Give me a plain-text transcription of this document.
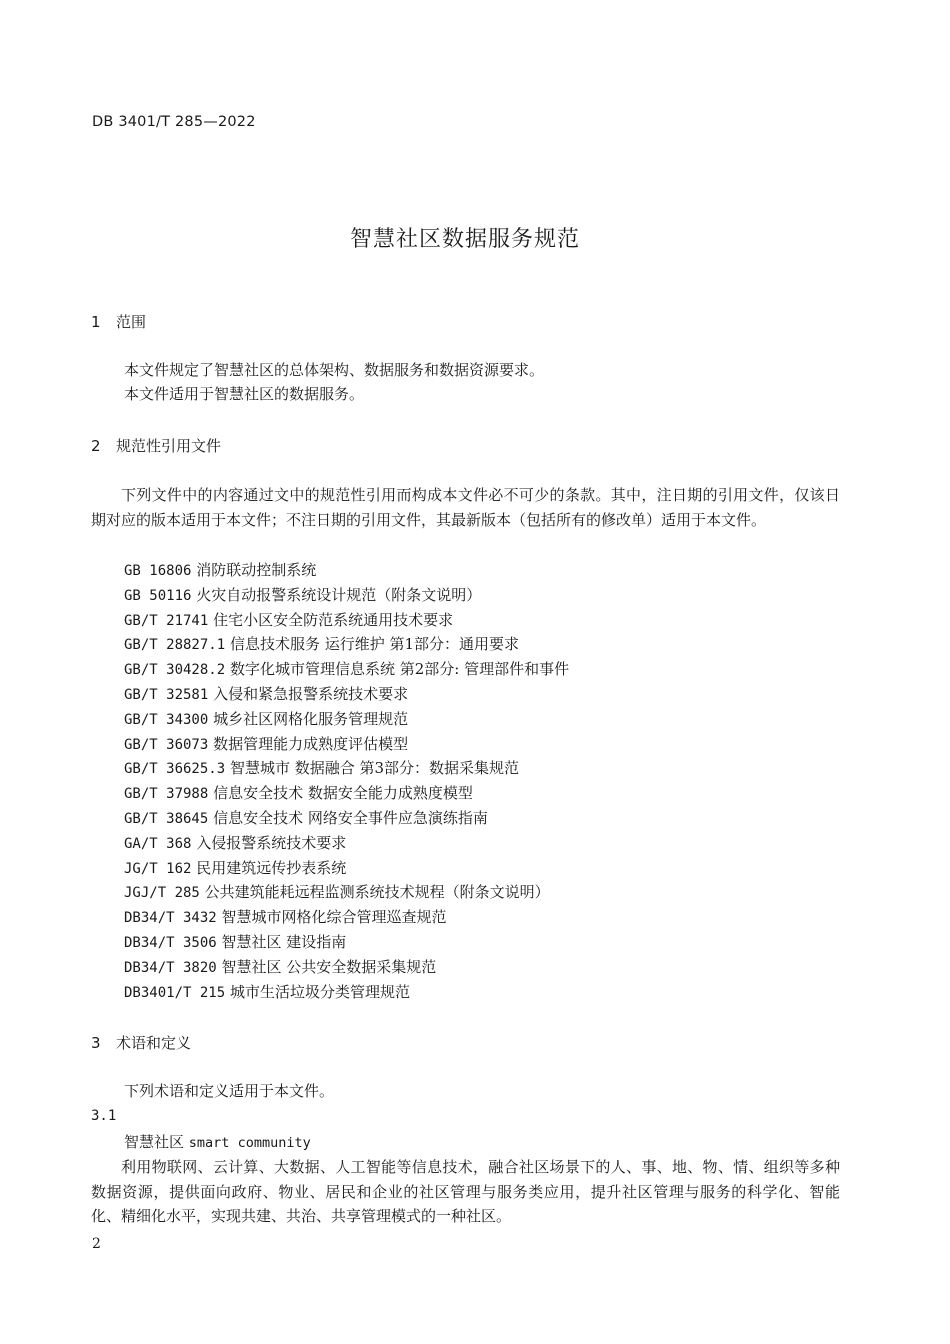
DB 3401/T 285—2022
智慧社区数据服务规范
1 范围
本文件规定了智慧社区的总体架构、数据服务和数据资源要求。
本文件适用于智慧社区的数据服务。
2 规范性引用文件
下列文件中的内容通过文中的规范性引用而构成本文件必不可少的条款。其中，注日期的引用文件，仅该日期对应的版本适用于本文件；不注日期的引用文件，其最新版本（包括所有的修改单）适用于本文件。
GB 16806 消防联动控制系统
GB 50116 火灾自动报警系统设计规范（附条文说明）
GB/T 21741 住宅小区安全防范系统通用技术要求
GB/T 28827.1 信息技术服务 运行维护 第1部分：通用要求
GB/T 30428.2 数字化城市管理信息系统 第2部分: 管理部件和事件
GB/T 32581 入侵和紧急报警系统技术要求
GB/T 34300 城乡社区网格化服务管理规范
GB/T 36073 数据管理能力成熟度评估模型
GB/T 36625.3 智慧城市 数据融合 第3部分：数据采集规范
GB/T 37988 信息安全技术 数据安全能力成熟度模型
GB/T 38645 信息安全技术 网络安全事件应急演练指南
GA/T 368 入侵报警系统技术要求
JG/T 162 民用建筑远传抄表系统
JGJ/T 285 公共建筑能耗远程监测系统技术规程（附条文说明）
DB34/T 3432 智慧城市网格化综合管理巡查规范
DB34/T 3506 智慧社区 建设指南
DB34/T 3820 智慧社区 公共安全数据采集规范
DB3401/T 215 城市生活垃圾分类管理规范
3 术语和定义
下列术语和定义适用于本文件。
3.1
智慧社区 smart community
利用物联网、云计算、大数据、人工智能等信息技术，融合社区场景下的人、事、地、物、情、组织等多种数据资源，提供面向政府、物业、居民和企业的社区管理与服务类应用，提升社区管理与服务的科学化、智能化、精细化水平，实现共建、共治、共享管理模式的一种社区。
2
